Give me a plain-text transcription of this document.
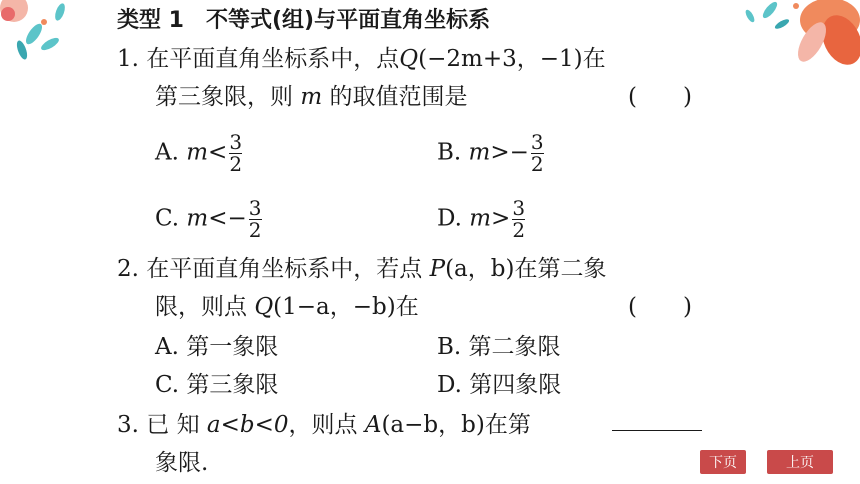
类型 1　不等式(组)与平面直角坐标系
1. 在平面直角坐标系中，点Q(−2m+3，−1)在
第三象限，则 m 的取值范围是	(　　)
A. $m< \frac{3}{2}$	B. $m>- \frac{3}{2}$
C. $m<- \frac{3}{2}$	D. $m> \frac{3}{2}$
2. 在平面直角坐标系中，若点 P(a，b)在第二象
限，则点 Q(1−a，−b)在	(　　)
A. 第一象限	B. 第二象限
C. 第三象限	D. 第四象限
3. 已 知 a<b<0，则点 A(a−b，b)在第
象限.	下页	上页
